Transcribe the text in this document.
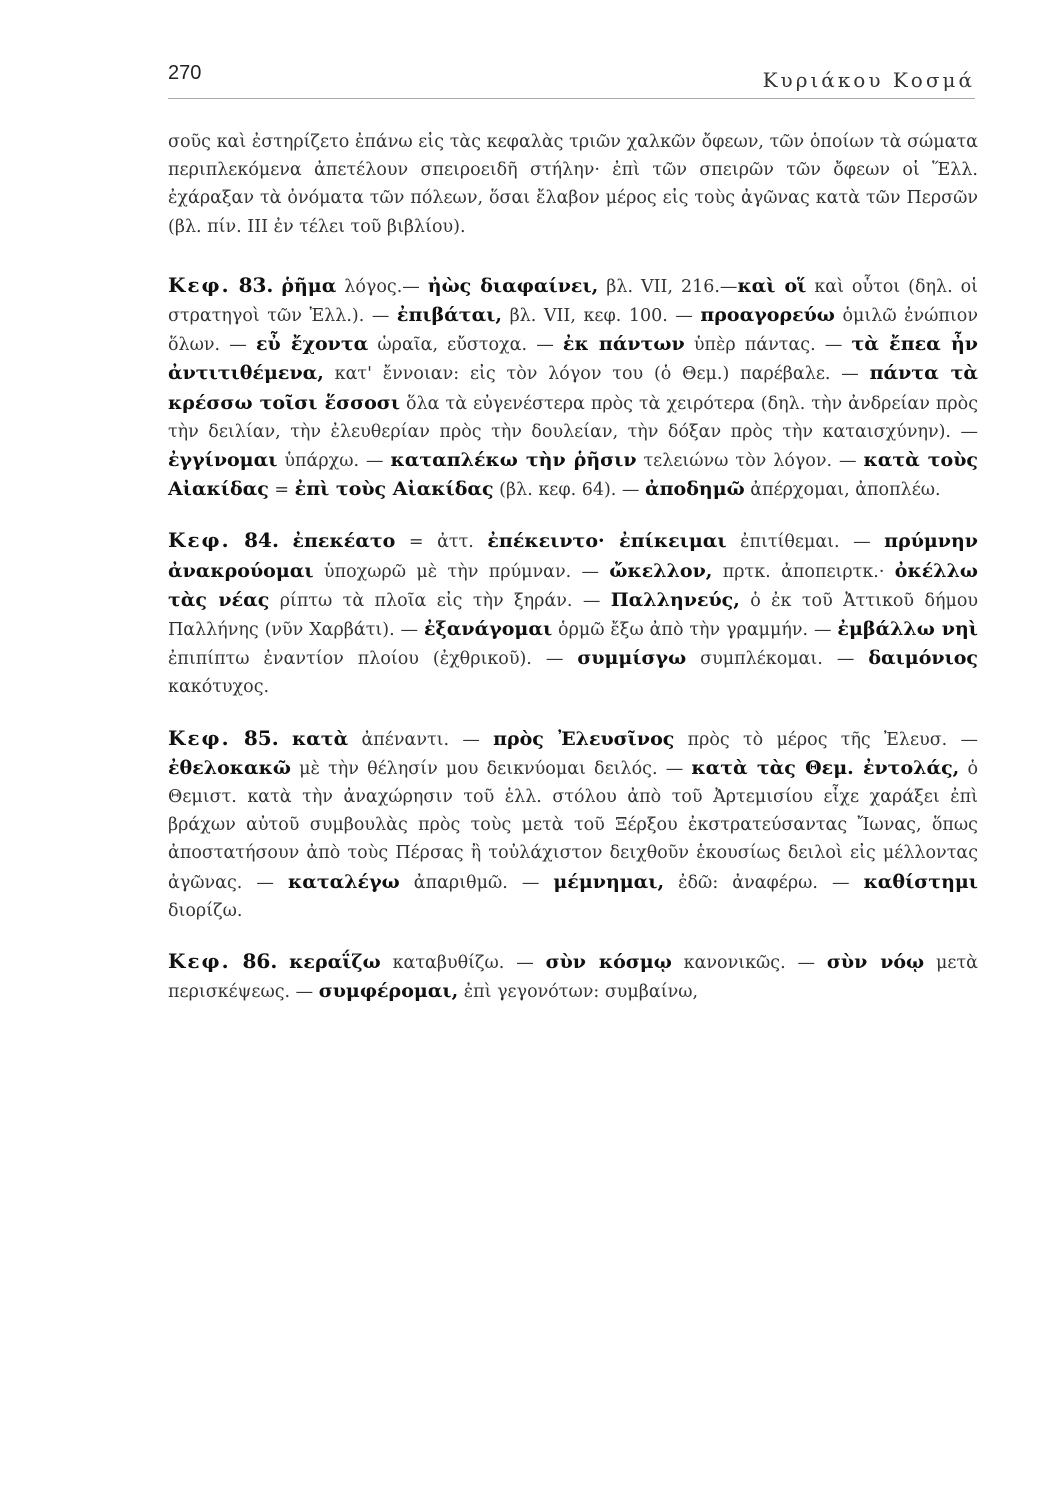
270	Κυριάκου Κοσμά

σοῦς καὶ ἐστηρίζετο ἐπάνω εἰς τὰς κεφαλὰς τριῶν χαλκῶν ὄφεων, τῶν ὁποίων τὰ σώματα περιπλεκόμενα ἀπετέλουν σπειροειδῆ στήλην· ἐπὶ τῶν σπειρῶν τῶν ὄφεων οἱ Ἕλλ. ἐχάραξαν τὰ ὀνόματα τῶν πόλεων, ὅσαι ἔλαβον μέρος εἰς τοὺς ἀγῶνας κατὰ τῶν Περσῶν (βλ. πίν. ΙΙΙ ἐν τέλει τοῦ βιβλίου).

Κεφ. 83. ῥῆμα λόγος.— ἠὼς διαφαίνει, βλ. VII, 216.—καὶ οἵ καὶ οὗτοι (δηλ. οἱ στρατηγοὶ τῶν Ἑλλ.). — ἐπιβάται, βλ. VII, κεφ. 100. — προαγορεύω ὁμιλῶ ἐνώπιον ὅλων. — εὖ ἔχοντα ὡραῖα, εὔστοχα. — ἐκ πάντων ὑπὲρ πάντας. — τὰ ἔπεα ἦν ἀντιτιθέμενα, κατ' ἔννοιαν: εἰς τὸν λόγον του (ὁ Θεμ.) παρέβαλε. — πάντα τὰ κρέσσω τοῖσι ἕσσοσι ὅλα τὰ εὐγενέστερα πρὸς τὰ χειρότερα (δηλ. τὴν ἀνδρείαν πρὸς τὴν δειλίαν, τὴν ἐλευθερίαν πρὸς τὴν δουλείαν, τὴν δόξαν πρὸς τὴν καταισχύνην). — ἐγγίνομαι ὑπάρχω. — καταπλέκω τὴν ῥῆσιν τελειώνω τὸν λόγον. — κατὰ τοὺς Αἰακίδας = ἐπὶ τοὺς Αἰακίδας (βλ. κεφ. 64). — ἀποδημῶ ἀπέρχομαι, ἀποπλέω.

Κεφ. 84. ἐπεκέατο = ἀττ. ἐπέκειντο· ἐπίκειμαι ἐπιτίθεμαι. — πρύμνην ἀνακρούομαι ὑποχωρῶ μὲ τὴν πρύμναν. — ὤκελλον, πρτκ. ἀποπειρτκ.· ὀκέλλω τὰς νέας ρίπτω τὰ πλοῖα εἰς τὴν ξηράν. — Παλληνεύς, ὁ ἐκ τοῦ Ἀττικοῦ δήμου Παλλήνης (νῦν Χαρβάτι). — ἐξανάγομαι ὁρμῶ ἔξω ἀπὸ τὴν γραμμήν. — ἐμβάλλω νηὶ ἐπιπίπτω ἐναντίον πλοίου (ἐχθρικοῦ). — συμμίσγω συμπλέκομαι. — δαιμόνιος κακότυχος.

Κεφ. 85. κατὰ ἀπέναντι. — πρὸς Ἐλευσῖνος πρὸς τὸ μέρος τῆς Ἐλευσ. — ἐθελοκακῶ μὲ τὴν θέλησίν μου δεικνύομαι δειλός. — κατὰ τὰς Θεμ. ἐντολάς, ὁ Θεμιστ. κατὰ τὴν ἀναχώρησιν τοῦ ἑλλ. στόλου ἀπὸ τοῦ Ἀρτεμισίου εἶχε χαράξει ἐπὶ βράχων αὐτοῦ συμβουλὰς πρὸς τοὺς μετὰ τοῦ Ξέρξου ἐκστρατεύσαντας Ἴωνας, ὅπως ἀποστατήσουν ἀπὸ τοὺς Πέρσας ἢ τοὐλάχιστον δειχθοῦν ἑκουσίως δειλοὶ εἰς μέλλοντας ἀγῶνας. — καταλέγω ἀπαριθμῶ. — μέμνημαι, ἐδῶ: ἀναφέρω. — καθίστημι διορίζω.

Κεφ. 86. κεραΐζω καταβυθίζω. — σὺν κόσμῳ κανονικῶς. — σὺν νόῳ μετὰ περισκέψεως. — συμφέρομαι, ἐπὶ γεγονότων: συμβαίνω,
